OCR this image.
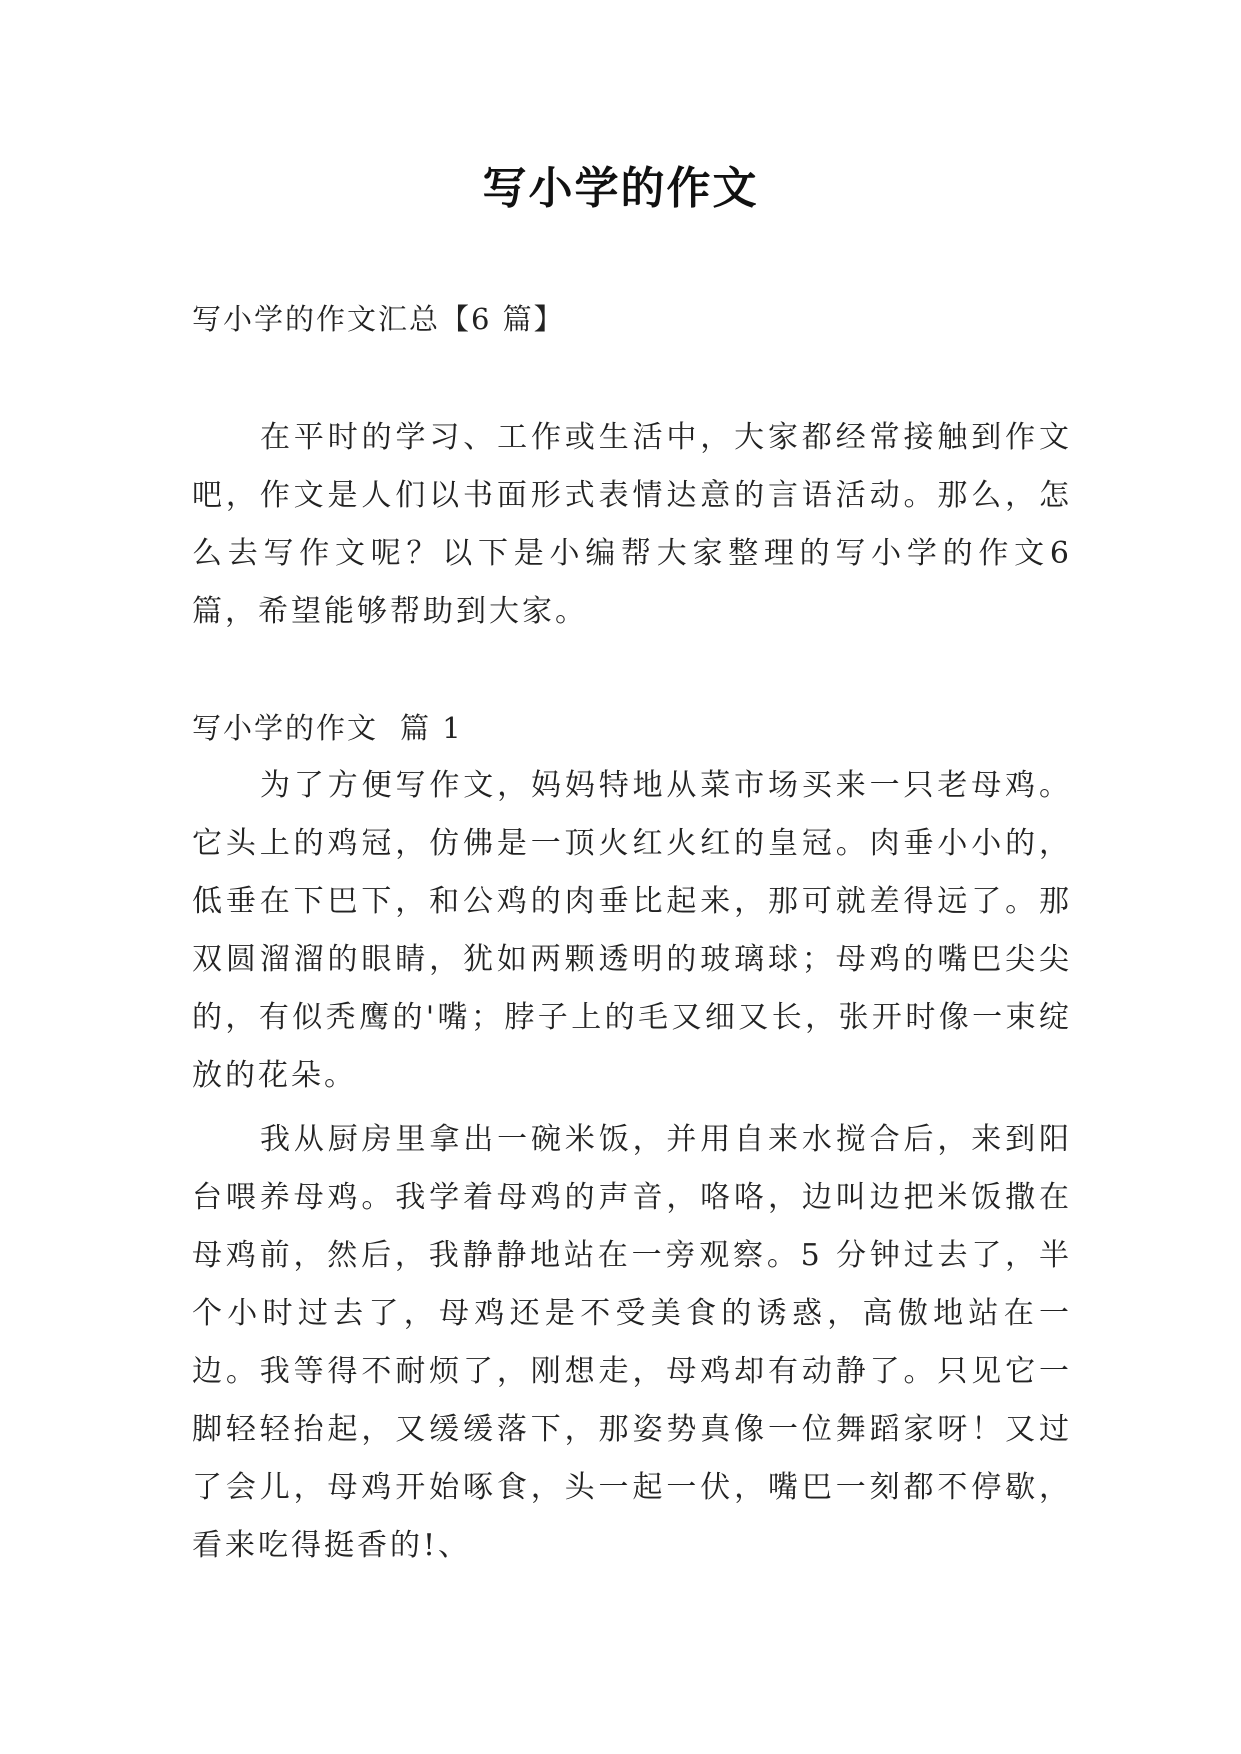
写小学的作文
写小学的作文汇总【6 篇】

在平时的学习、工作或生活中，大家都经常接触到作文吧，作文是人们以书面形式表情达意的言语活动。那么，怎么去写作文呢？以下是小编帮大家整理的写小学的作文6篇，希望能够帮助到大家。

写小学的作文 篇 1

为了方便写作文，妈妈特地从菜市场买来一只老母鸡。它头上的鸡冠，仿佛是一顶火红火红的皇冠。肉垂小小的，低垂在下巴下，和公鸡的肉垂比起来，那可就差得远了。那双圆溜溜的眼睛，犹如两颗透明的玻璃球；母鸡的嘴巴尖尖的，有似秃鹰的'嘴；脖子上的毛又细又长，张开时像一束绽放的花朵。

我从厨房里拿出一碗米饭，并用自来水搅合后，来到阳台喂养母鸡。我学着母鸡的声音，咯咯，边叫边把米饭撒在母鸡前，然后，我静静地站在一旁观察。5 分钟过去了，半个小时过去了，母鸡还是不受美食的诱惑，高傲地站在一边。我等得不耐烦了，刚想走，母鸡却有动静了。只见它一脚轻轻抬起，又缓缓落下，那姿势真像一位舞蹈家呀！又过了会儿，母鸡开始啄食，头一起一伏，嘴巴一刻都不停歇，看来吃得挺香的!、
